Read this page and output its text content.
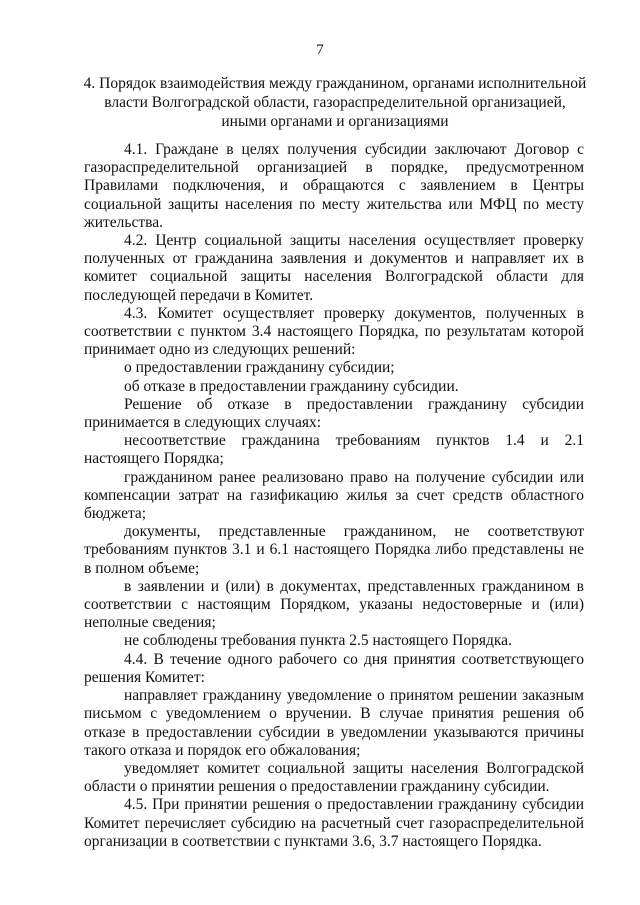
7
4. Порядок взаимодействия между гражданином, органами исполнительной власти Волгоградской области, газораспределительной организацией, иными органами и организациями

4.1. Граждане в целях получения субсидии заключают Договор с газораспределительной организацией в порядке, предусмотренном Правилами подключения, и обращаются с заявлением в Центры социальной защиты населения по месту жительства или МФЦ по месту жительства.

4.2. Центр социальной защиты населения осуществляет проверку полученных от гражданина заявления и документов и направляет их в комитет социальной защиты населения Волгоградской области для последующей передачи в Комитет.

4.3. Комитет осуществляет проверку документов, полученных в соответствии с пунктом 3.4 настоящего Порядка, по результатам которой принимает одно из следующих решений:

о предоставлении гражданину субсидии;

об отказе в предоставлении гражданину субсидии.

Решение об отказе в предоставлении гражданину субсидии принимается в следующих случаях:

несоответствие гражданина требованиям пунктов 1.4 и 2.1 настоящего Порядка;

гражданином ранее реализовано право на получение субсидии или компенсации затрат на газификацию жилья за счет средств областного бюджета;

документы, представленные гражданином, не соответствуют требованиям пунктов 3.1 и 6.1 настоящего Порядка либо представлены не в полном объеме;

в заявлении и (или) в документах, представленных гражданином в соответствии с настоящим Порядком, указаны недостоверные и (или) неполные сведения;

не соблюдены требования пункта 2.5 настоящего Порядка.

4.4. В течение одного рабочего со дня принятия соответствующего решения Комитет:

направляет гражданину уведомление о принятом решении заказным письмом с уведомлением о вручении. В случае принятия решения об отказе в предоставлении субсидии в уведомлении указываются причины такого отказа и порядок его обжалования;

уведомляет комитет социальной защиты населения Волгоградской области о принятии решения о предоставлении гражданину субсидии.

4.5. При принятии решения о предоставлении гражданину субсидии Комитет перечисляет субсидию на расчетный счет газораспределительной организации в соответствии с пунктами 3.6, 3.7 настоящего Порядка.
